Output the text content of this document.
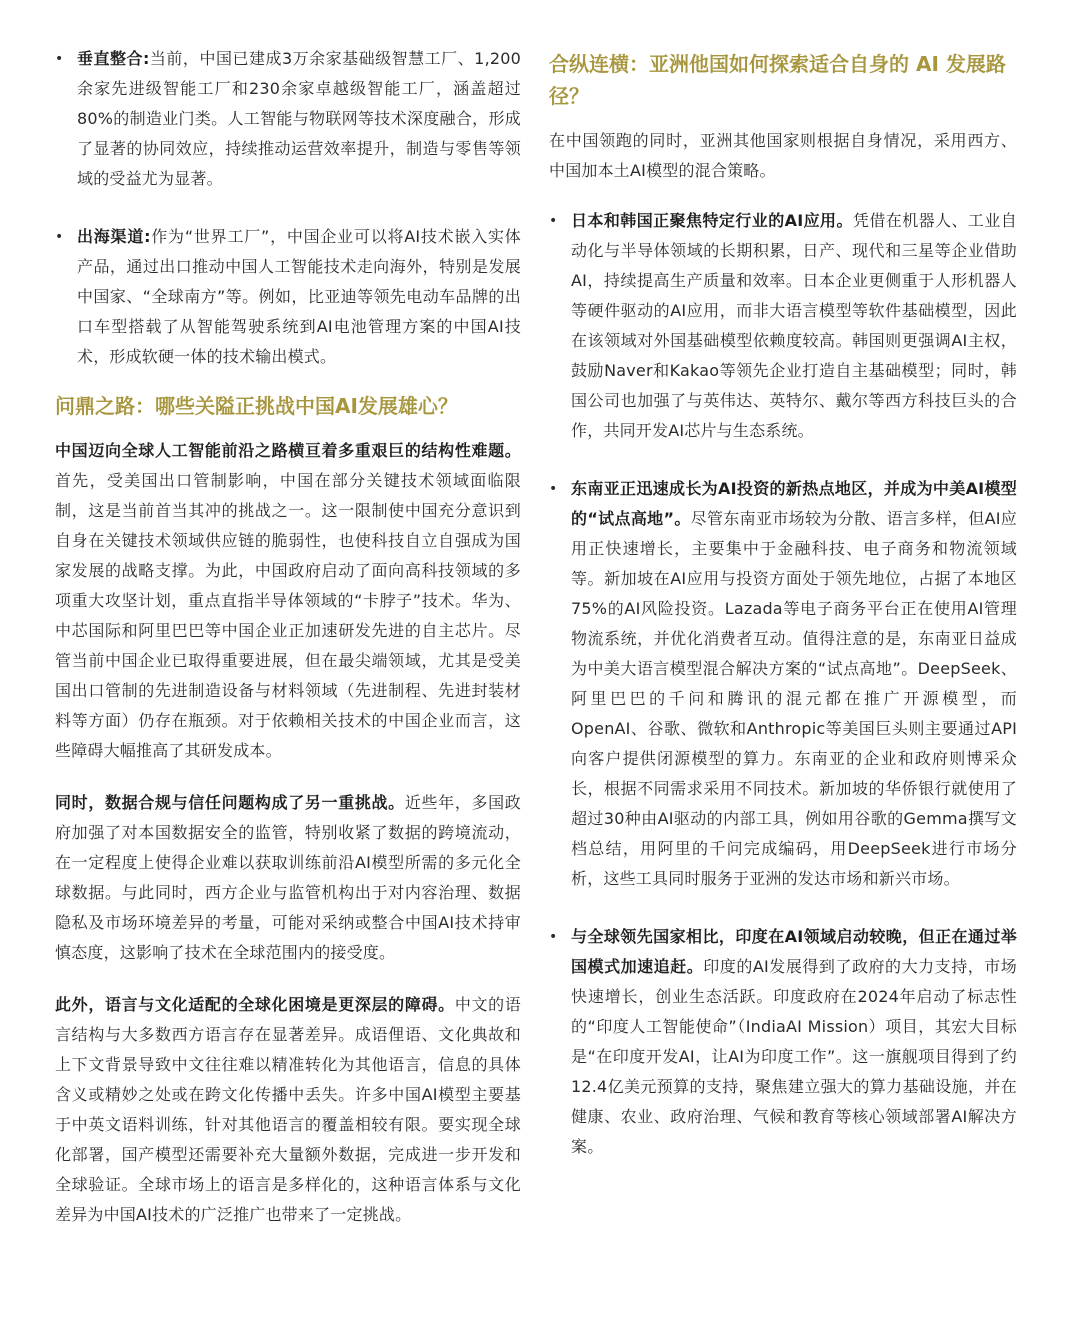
• 垂直整合:当前，中国已建成3万余家基础级智慧工厂、1,200余家先进级智能工厂和230余家卓越级智能工厂，涵盖超过80%的制造业门类。人工智能与物联网等技术深度融合，形成了显著的协同效应，持续推动运营效率提升，制造与零售等领域的受益尤为显著。
• 出海渠道:作为“世界工厂”，中国企业可以将AI技术嵌入实体产品，通过出口推动中国人工智能技术走向海外，特别是发展中国家、“全球南方”等。例如，比亚迪等领先电动车品牌的出口车型搭载了从智能驾驶系统到AI电池管理方案的中国AI技术，形成软硬一体的技术输出模式。
问鼎之路：哪些关隘正挑战中国AI发展雄心？

中国迈向全球人工智能前沿之路横亘着多重艰巨的结构性难题。首先，受美国出口管制影响，中国在部分关键技术领域面临限制，这是当前首当其冲的挑战之一。这一限制使中国充分意识到自身在关键技术领域供应链的脆弱性，也使科技自立自强成为国家发展的战略支撑。为此，中国政府启动了面向高科技领域的多项重大攻坚计划，重点直指半导体领域的“卡脖子”技术。华为、中芯国际和阿里巴巴等中国企业正加速研发先进的自主芯片。尽管当前中国企业已取得重要进展，但在最尖端领域，尤其是受美国出口管制的先进制造设备与材料领域（先进制程、先进封装材料等方面）仍存在瓶颈。对于依赖相关技术的中国企业而言，这些障碍大幅推高了其研发成本。

同时，数据合规与信任问题构成了另一重挑战。近些年，多国政府加强了对本国数据安全的监管，特别收紧了数据的跨境流动，在一定程度上使得企业难以获取训练前沿AI模型所需的多元化全球数据。与此同时，西方企业与监管机构出于对内容治理、数据隐私及市场环境差异的考量，可能对采纳或整合中国AI技术持审慎态度，这影响了技术在全球范围内的接受度。

此外，语言与文化适配的全球化困境是更深层的障碍。中文的语言结构与大多数西方语言存在显著差异。成语俚语、文化典故和上下文背景导致中文往往难以精准转化为其他语言，信息的具体含义或精妙之处或在跨文化传播中丢失。许多中国AI模型主要基于中英文语料训练，针对其他语言的覆盖相较有限。要实现全球化部署，国产模型还需要补充大量额外数据，完成进一步开发和全球验证。全球市场上的语言是多样化的，这种语言体系与文化差异为中国AI技术的广泛推广也带来了一定挑战。

合纵连横：亚洲他国如何探索适合自身的 AI 发展路径？

在中国领跑的同时，亚洲其他国家则根据自身情况，采用西方、中国加本土AI模型的混合策略。

• 日本和韩国正聚焦特定行业的AI应用。凭借在机器人、工业自动化与半导体领域的长期积累，日产、现代和三星等企业借助AI，持续提高生产质量和效率。日本企业更侧重于人形机器人等硬件驱动的AI应用，而非大语言模型等软件基础模型，因此在该领域对外国基础模型依赖度较高。韩国则更强调AI主权，鼓励Naver和Kakao等领先企业打造自主基础模型；同时，韩国公司也加强了与英伟达、英特尔、戴尔等西方科技巨头的合作，共同开发AI芯片与生态系统。
• 东南亚正迅速成长为AI投资的新热点地区，并成为中美AI模型的“试点高地”。尽管东南亚市场较为分散、语言多样，但AI应用正快速增长，主要集中于金融科技、电子商务和物流领域等。新加坡在AI应用与投资方面处于领先地位，占据了本地区75%的AI风险投资。Lazada等电子商务平台正在使用AI管理物流系统，并优化消费者互动。值得注意的是，东南亚日益成为中美大语言模型混合解决方案的“试点高地”。DeepSeek、阿里巴巴的千问和腾讯的混元都在推广开源模型，而OpenAI、谷歌、微软和Anthropic等美国巨头则主要通过API向客户提供闭源模型的算力。东南亚的企业和政府则博采众长，根据不同需求采用不同技术。新加坡的华侨银行就使用了超过30种由AI驱动的内部工具，例如用谷歌的Gemma撰写文档总结，用阿里的千问完成编码，用DeepSeek进行市场分析，这些工具同时服务于亚洲的发达市场和新兴市场。
• 与全球领先国家相比，印度在AI领域启动较晚，但正在通过举国模式加速追赶。印度的AI发展得到了政府的大力支持，市场快速增长，创业生态活跃。印度政府在2024年启动了标志性的“印度人工智能使命”（IndiaAI Mission）项目，其宏大目标是“在印度开发AI，让AI为印度工作”。这一旗舰项目得到了约12.4亿美元预算的支持，聚焦建立强大的算力基础设施，并在健康、农业、政府治理、气候和教育等核心领域部署AI解决方案。
